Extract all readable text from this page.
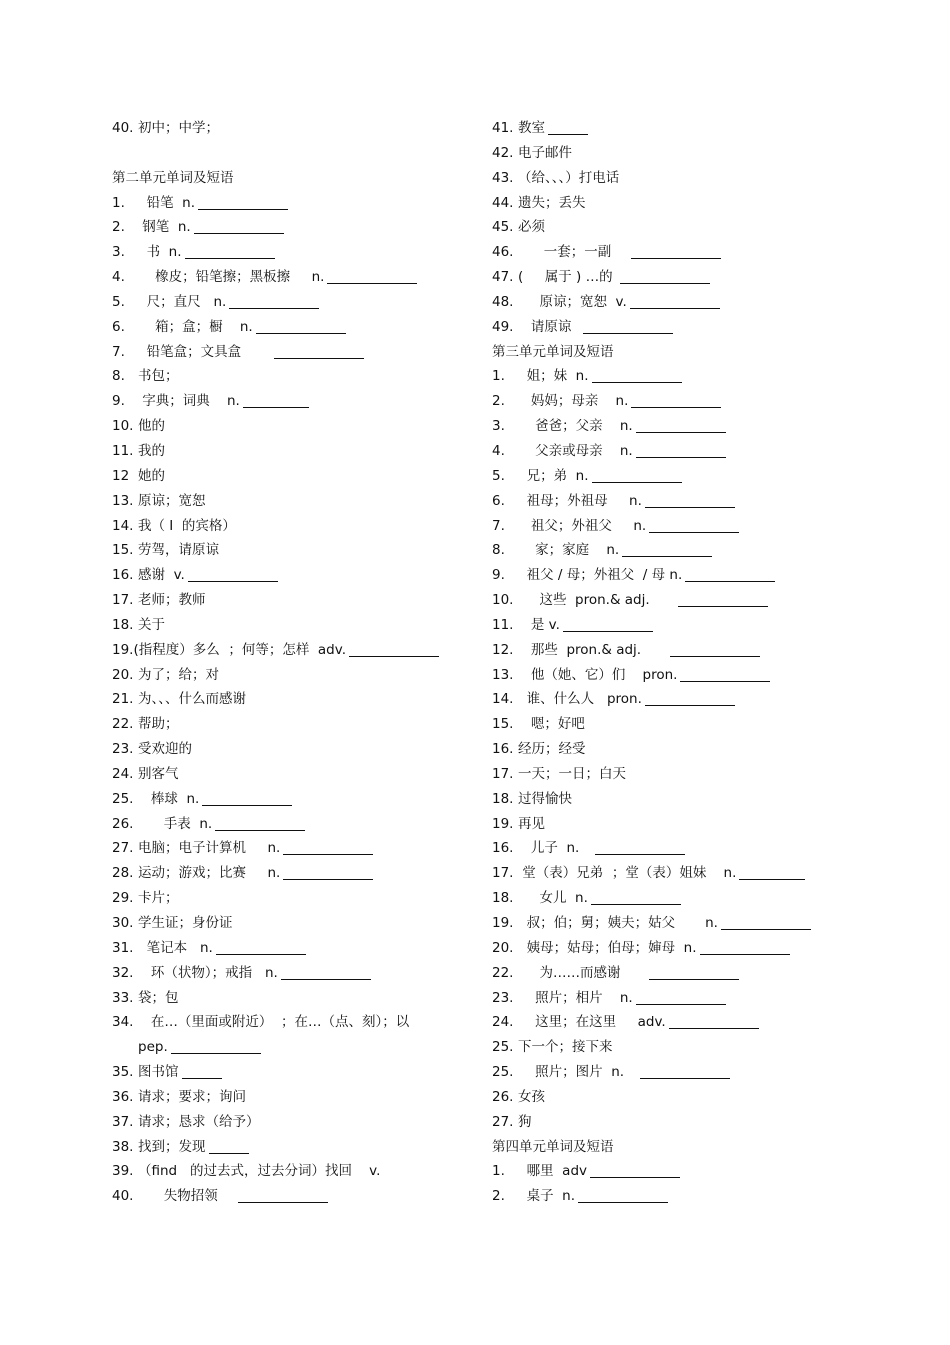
40. 初中；中学；
第二单元单词及短语
1.  铅笔  n.
2. 钢笔  n.
3.  书  n.
4.    橡皮；铅笔擦；黑板擦     n.
5.  尺；直尺   n.
6.    箱；盒；橱    n.
7.  铅笔盒；文具盒
8. 书包；
9. 字典；词典    n.
10. 他的
11. 我的
12 她的
13. 原谅；宽恕
14. 我（ I  的宾格）
15. 劳驾，请原谅
16. 感谢  v.
17. 老师；教师
18. 关于
19.(指程度）多么  ；何等；怎样  adv.
20. 为了；给；对
21. 为、、、什么而感谢
22. 帮助；
23. 受欢迎的
24. 别客气
25.   棒球  n.
26.      手表  n.
27. 电脑；电子计算机     n.
28. 运动；游戏；比赛     n.
29. 卡片；
30. 学生证；身份证
31.  笔记本   n.
32.   环（状物）；戒指   n.
33. 袋；包
34.   在…（里面或附近）  ；在…（点、刻）；以
pep.
35. 图书馆
36. 请求；要求；询问
37. 请求；恳求（给予）
38. 找到；发现
39. （find   的过去式，过去分词）找回    v.
40.      失物招领
41. 教室
42. 电子邮件
43. （给、、、）打电话
44. 遗失；丢失
45. 必须
46.      一套；一副
47. (     属于 ) …的
48.     原谅；宽恕  v.
49.   请原谅
第三单元单词及短语
1.  姐；妹  n.
2.   妈妈；母亲    n.
3.    爸爸；父亲    n.
4.    父亲或母亲    n.
5.  兄；弟  n.
6.  祖母；外祖母     n.
7.   祖父；外祖父     n.
8.    家；家庭    n.
9.  祖父 / 母；外祖父  / 母 n.
10.     这些  pron.& adj.
11.   是 v.
12.   那些  pron.& adj.
13.   他（她、它）们    pron.
14.  谁、什么人   pron.
15.   嗯；好吧
16. 经历；经受
17. 一天；一日；白天
18. 过得愉快
19. 再见
16.   儿子  n.
17. 堂（表）兄弟  ；堂（表）姐妹    n.
18.     女儿  n.
19.  叔；伯；舅；姨夫；姑父       n.
20.  姨母；姑母；伯母；婶母  n.
22.     为……而感谢
23.    照片；相片    n.
24.    这里；在这里     adv.
25. 下一个；接下来
25.    照片；图片  n.
26. 女孩
27. 狗
第四单元单词及短语
1.  哪里  adv
2.  桌子  n.
